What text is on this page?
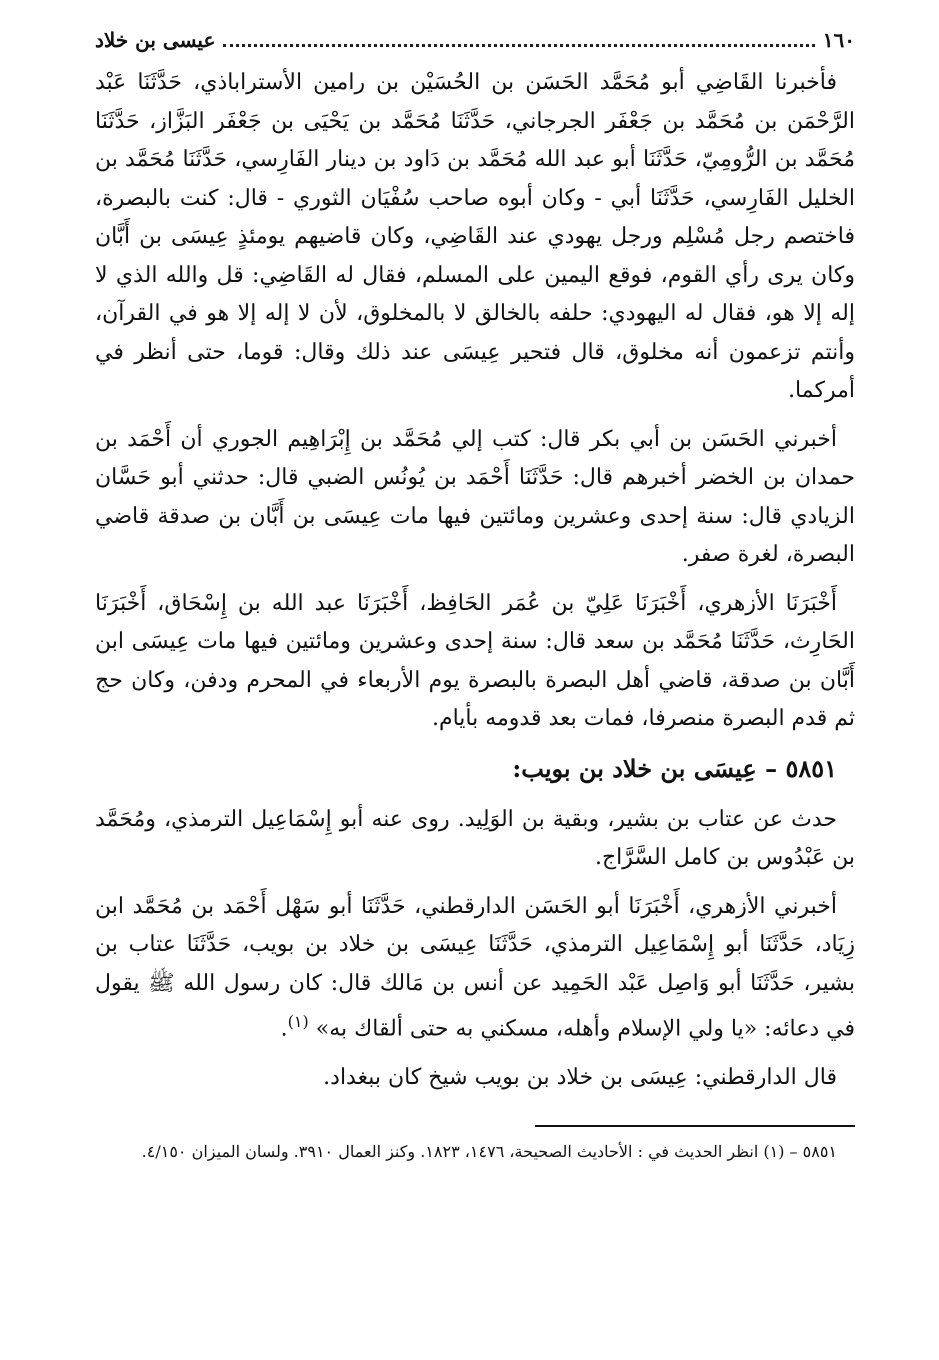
١٦٠
عيسى بن خلاد

فأخبرنا القَاضِي أبو مُحَمَّد الحَسَن بن الحُسَيْن بن رامين الأستراباذي، حَدَّثَنَا عَبْد الرَّحْمَن بن مُحَمَّد بن جَعْفَر الجرجاني، حَدَّثَنَا مُحَمَّد بن يَحْيَى بن جَعْفَر البَزَّاز، حَدَّثَنَا مُحَمَّد بن الرُّومِيّ، حَدَّثَنَا أبو عبد الله مُحَمَّد بن دَاود بن دينار الفَارِسي، حَدَّثَنَا مُحَمَّد بن الخليل الفَارِسي، حَدَّثَنَا أبي - وكان أبوه صاحب سُفْيَان الثوري - قال: كنت بالبصرة، فاختصم رجل مُسْلِم ورجل يهودي عند القَاضِي، وكان قاضيهم يومئذٍ عِيسَى بن أَبَّان وكان يرى رأي القوم، فوقع اليمين على المسلم، فقال له القَاضِي: قل والله الذي لا إله إلا هو، فقال له اليهودي: حلفه بالخالق لا بالمخلوق، لأن لا إله إلا هو في القرآن، وأنتم تزعمون أنه مخلوق، قال فتحير عِيسَى عند ذلك وقال: قوما، حتى أنظر في أمركما.

أخبرني الحَسَن بن أبي بكر قال: كتب إلي مُحَمَّد بن إِبْرَاهِيم الجوري أن أَحْمَد بن حمدان بن الخضر أخبرهم قال: حَدَّثَنَا أَحْمَد بن يُونُس الضبي قال: حدثني أبو حَسَّان الزيادي قال: سنة إحدى وعشرين ومائتين فيها مات عِيسَى بن أَبَّان بن صدقة قاضي البصرة، لغرة صفر.

أَخْبَرَنَا الأزهري، أَخْبَرَنَا عَلِيّ بن عُمَر الحَافِظ، أَخْبَرَنَا عبد الله بن إِسْحَاق، أَخْبَرَنَا الحَارِث، حَدَّثَنَا مُحَمَّد بن سعد قال: سنة إحدى وعشرين ومائتين فيها مات عِيسَى ابن أَبَّان بن صدقة، قاضي أهل البصرة بالبصرة يوم الأربعاء في المحرم ودفن، وكان حج ثم قدم البصرة منصرفا، فمات بعد قدومه بأيام.

٥٨٥١ – عِيسَى بن خلاد بن بويب:

حدث عن عتاب بن بشير، وبقية بن الوَلِيد. روى عنه أبو إِسْمَاعِيل الترمذي، ومُحَمَّد بن عَبْدُوس بن كامل السَّرَّاج.

أخبرني الأزهري، أَخْبَرَنَا أبو الحَسَن الدارقطني، حَدَّثَنَا أبو سَهْل أَحْمَد بن مُحَمَّد ابن زِيَاد، حَدَّثَنَا أبو إِسْمَاعِيل الترمذي، حَدَّثَنَا عِيسَى بن خلاد بن بويب، حَدَّثَنَا عتاب بن بشير، حَدَّثَنَا أبو وَاصِل عَبْد الحَمِيد عن أنس بن مَالك قال: كان رسول الله ﷺ يقول في دعائه: «يا ولي الإسلام وأهله، مسكني به حتى ألقاك به» $^{(١)}$.

قال الدارقطني: عِيسَى بن خلاد بن بويب شيخ كان ببغداد.

٥٨٥١ – (١) انظر الحديث في : الأحاديث الصحيحة، ١٤٧٦، ١٨٢٣. وكنز العمال ٣٩١٠. ولسان الميزان ٤/١٥٠.
